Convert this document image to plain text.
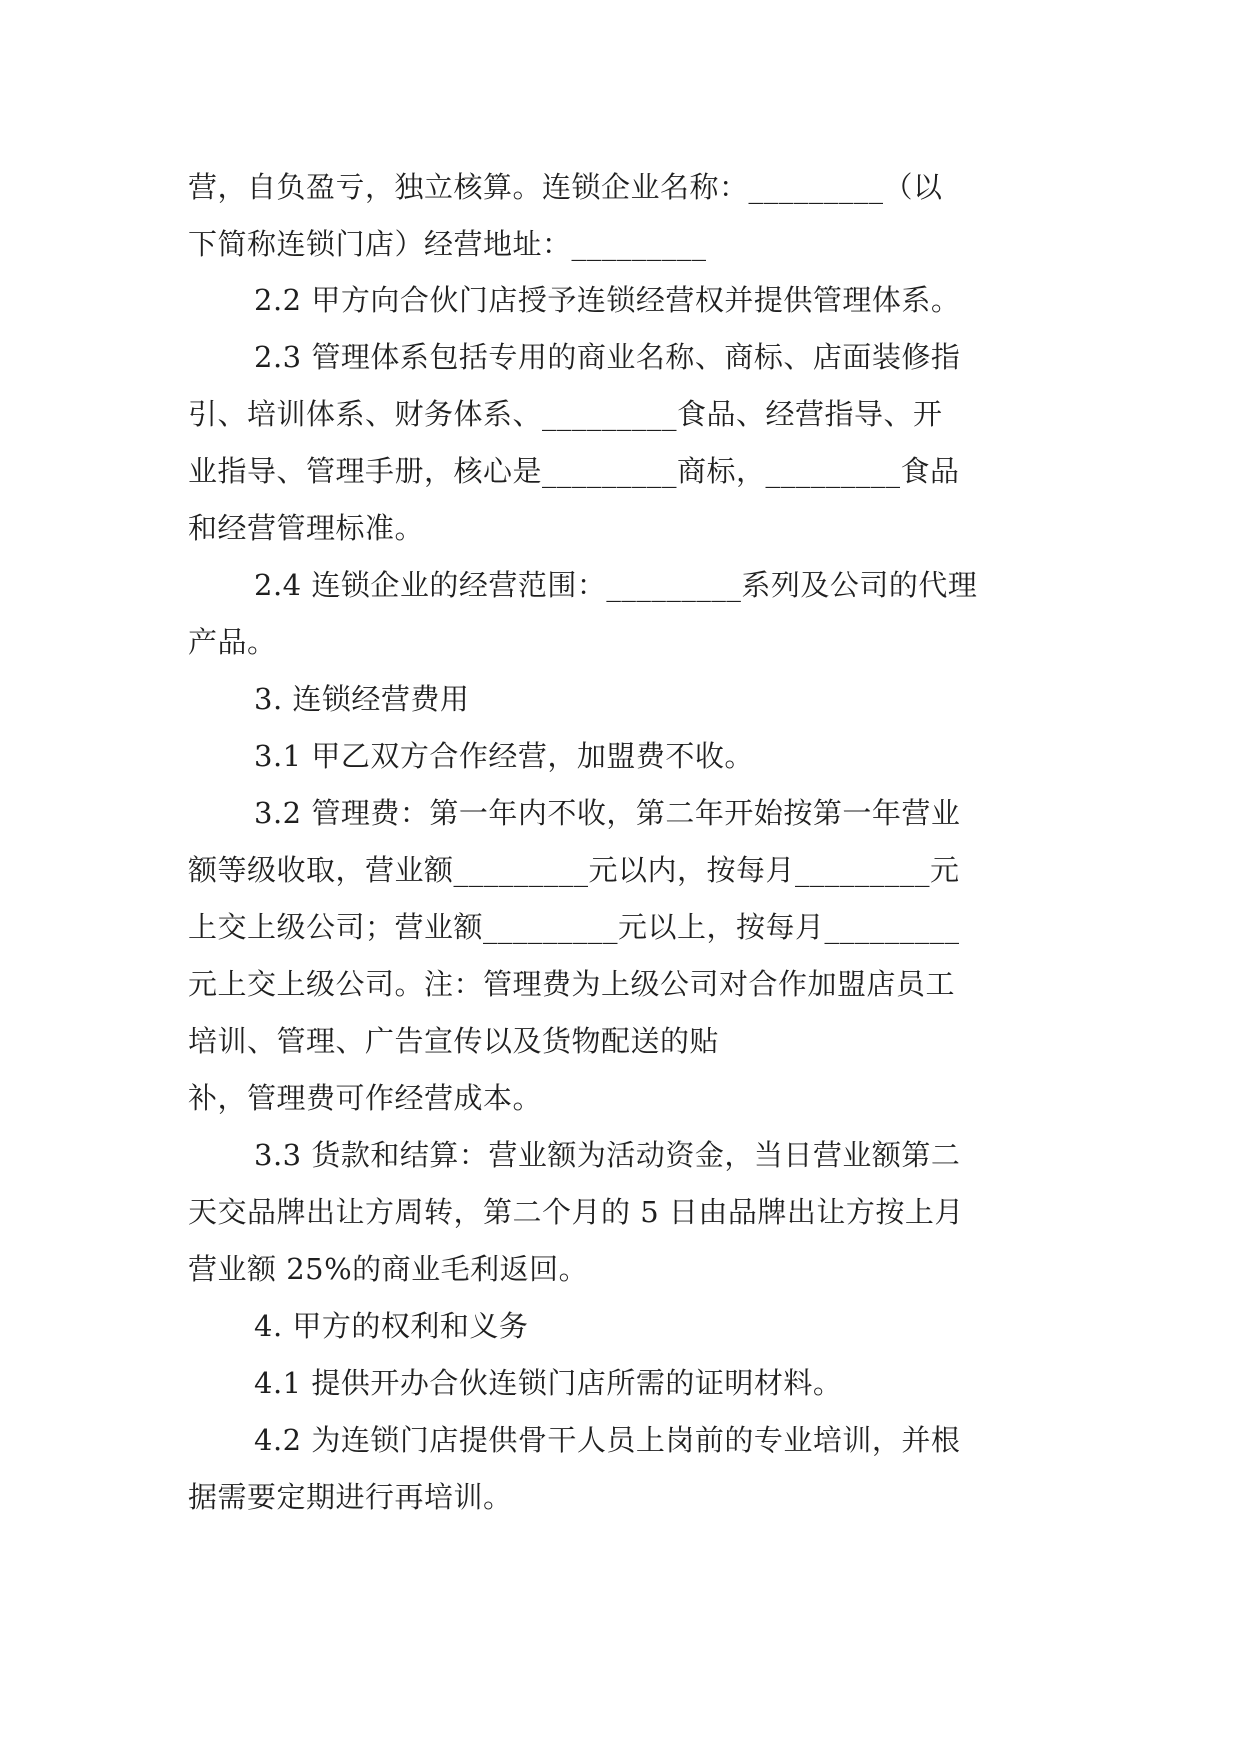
营，自负盈亏，独立核算。连锁企业名称：_________（以
下简称连锁门店）经营地址：_________
2.2 甲方向合伙门店授予连锁经营权并提供管理体系。
2.3 管理体系包括专用的商业名称、商标、店面装修指
引、培训体系、财务体系、_________食品、经营指导、开
业指导、管理手册，核心是_________商标，_________食品
和经营管理标准。
2.4 连锁企业的经营范围：_________系列及公司的代理
产品。
3. 连锁经营费用
3.1 甲乙双方合作经营，加盟费不收。
3.2 管理费：第一年内不收，第二年开始按第一年营业
额等级收取，营业额_________元以内，按每月_________元
上交上级公司；营业额_________元以上，按每月_________
元上交上级公司。注：管理费为上级公司对合作加盟店员工
培训、管理、广告宣传以及货物配送的贴
补，管理费可作经营成本。
3.3 货款和结算：营业额为活动资金，当日营业额第二
天交品牌出让方周转，第二个月的 5 日由品牌出让方按上月
营业额 25%的商业毛利返回。
4. 甲方的权利和义务
4.1 提供开办合伙连锁门店所需的证明材料。
4.2 为连锁门店提供骨干人员上岗前的专业培训，并根
据需要定期进行再培训。
